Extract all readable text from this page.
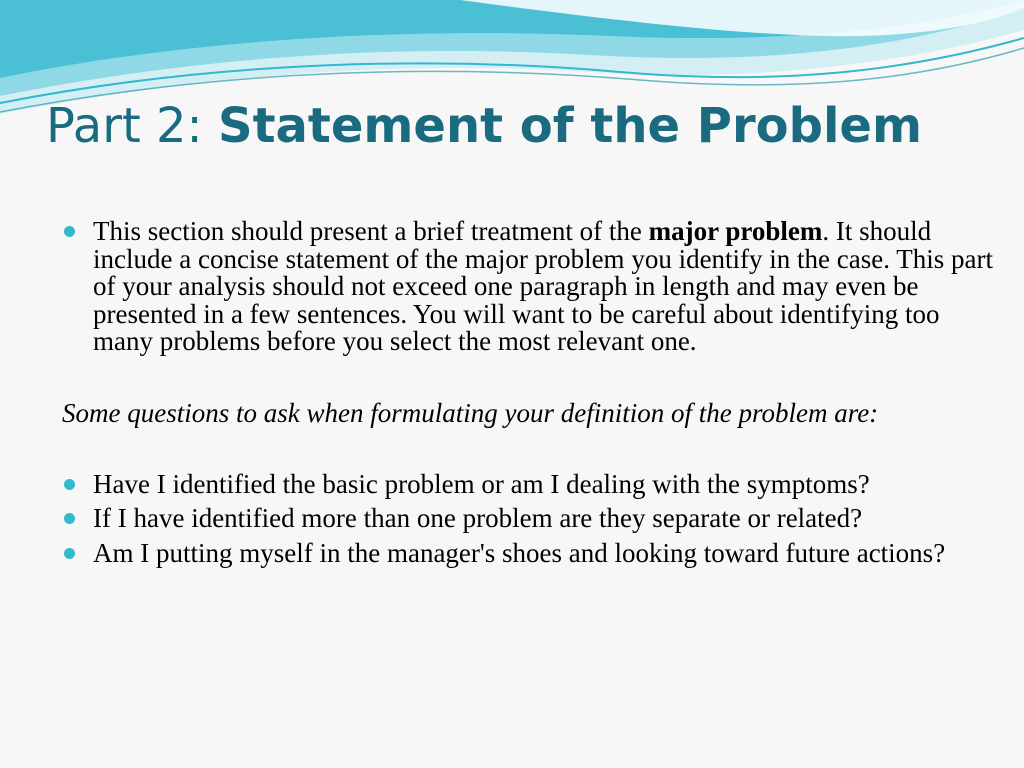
Part 2: Statement of the Problem
This section should present a brief treatment of the major problem. It should include a concise statement of the major problem you identify in the case. This part of your analysis should not exceed one paragraph in length and may even be presented in a few sentences. You will want to be careful about identifying too many problems before you select the most relevant one.
Some questions to ask when formulating your definition of the problem are:
Have I identified the basic problem or am I dealing with the symptoms?
If I have identified more than one problem are they separate or related?
Am I putting myself in the manager's shoes and looking toward future actions?
